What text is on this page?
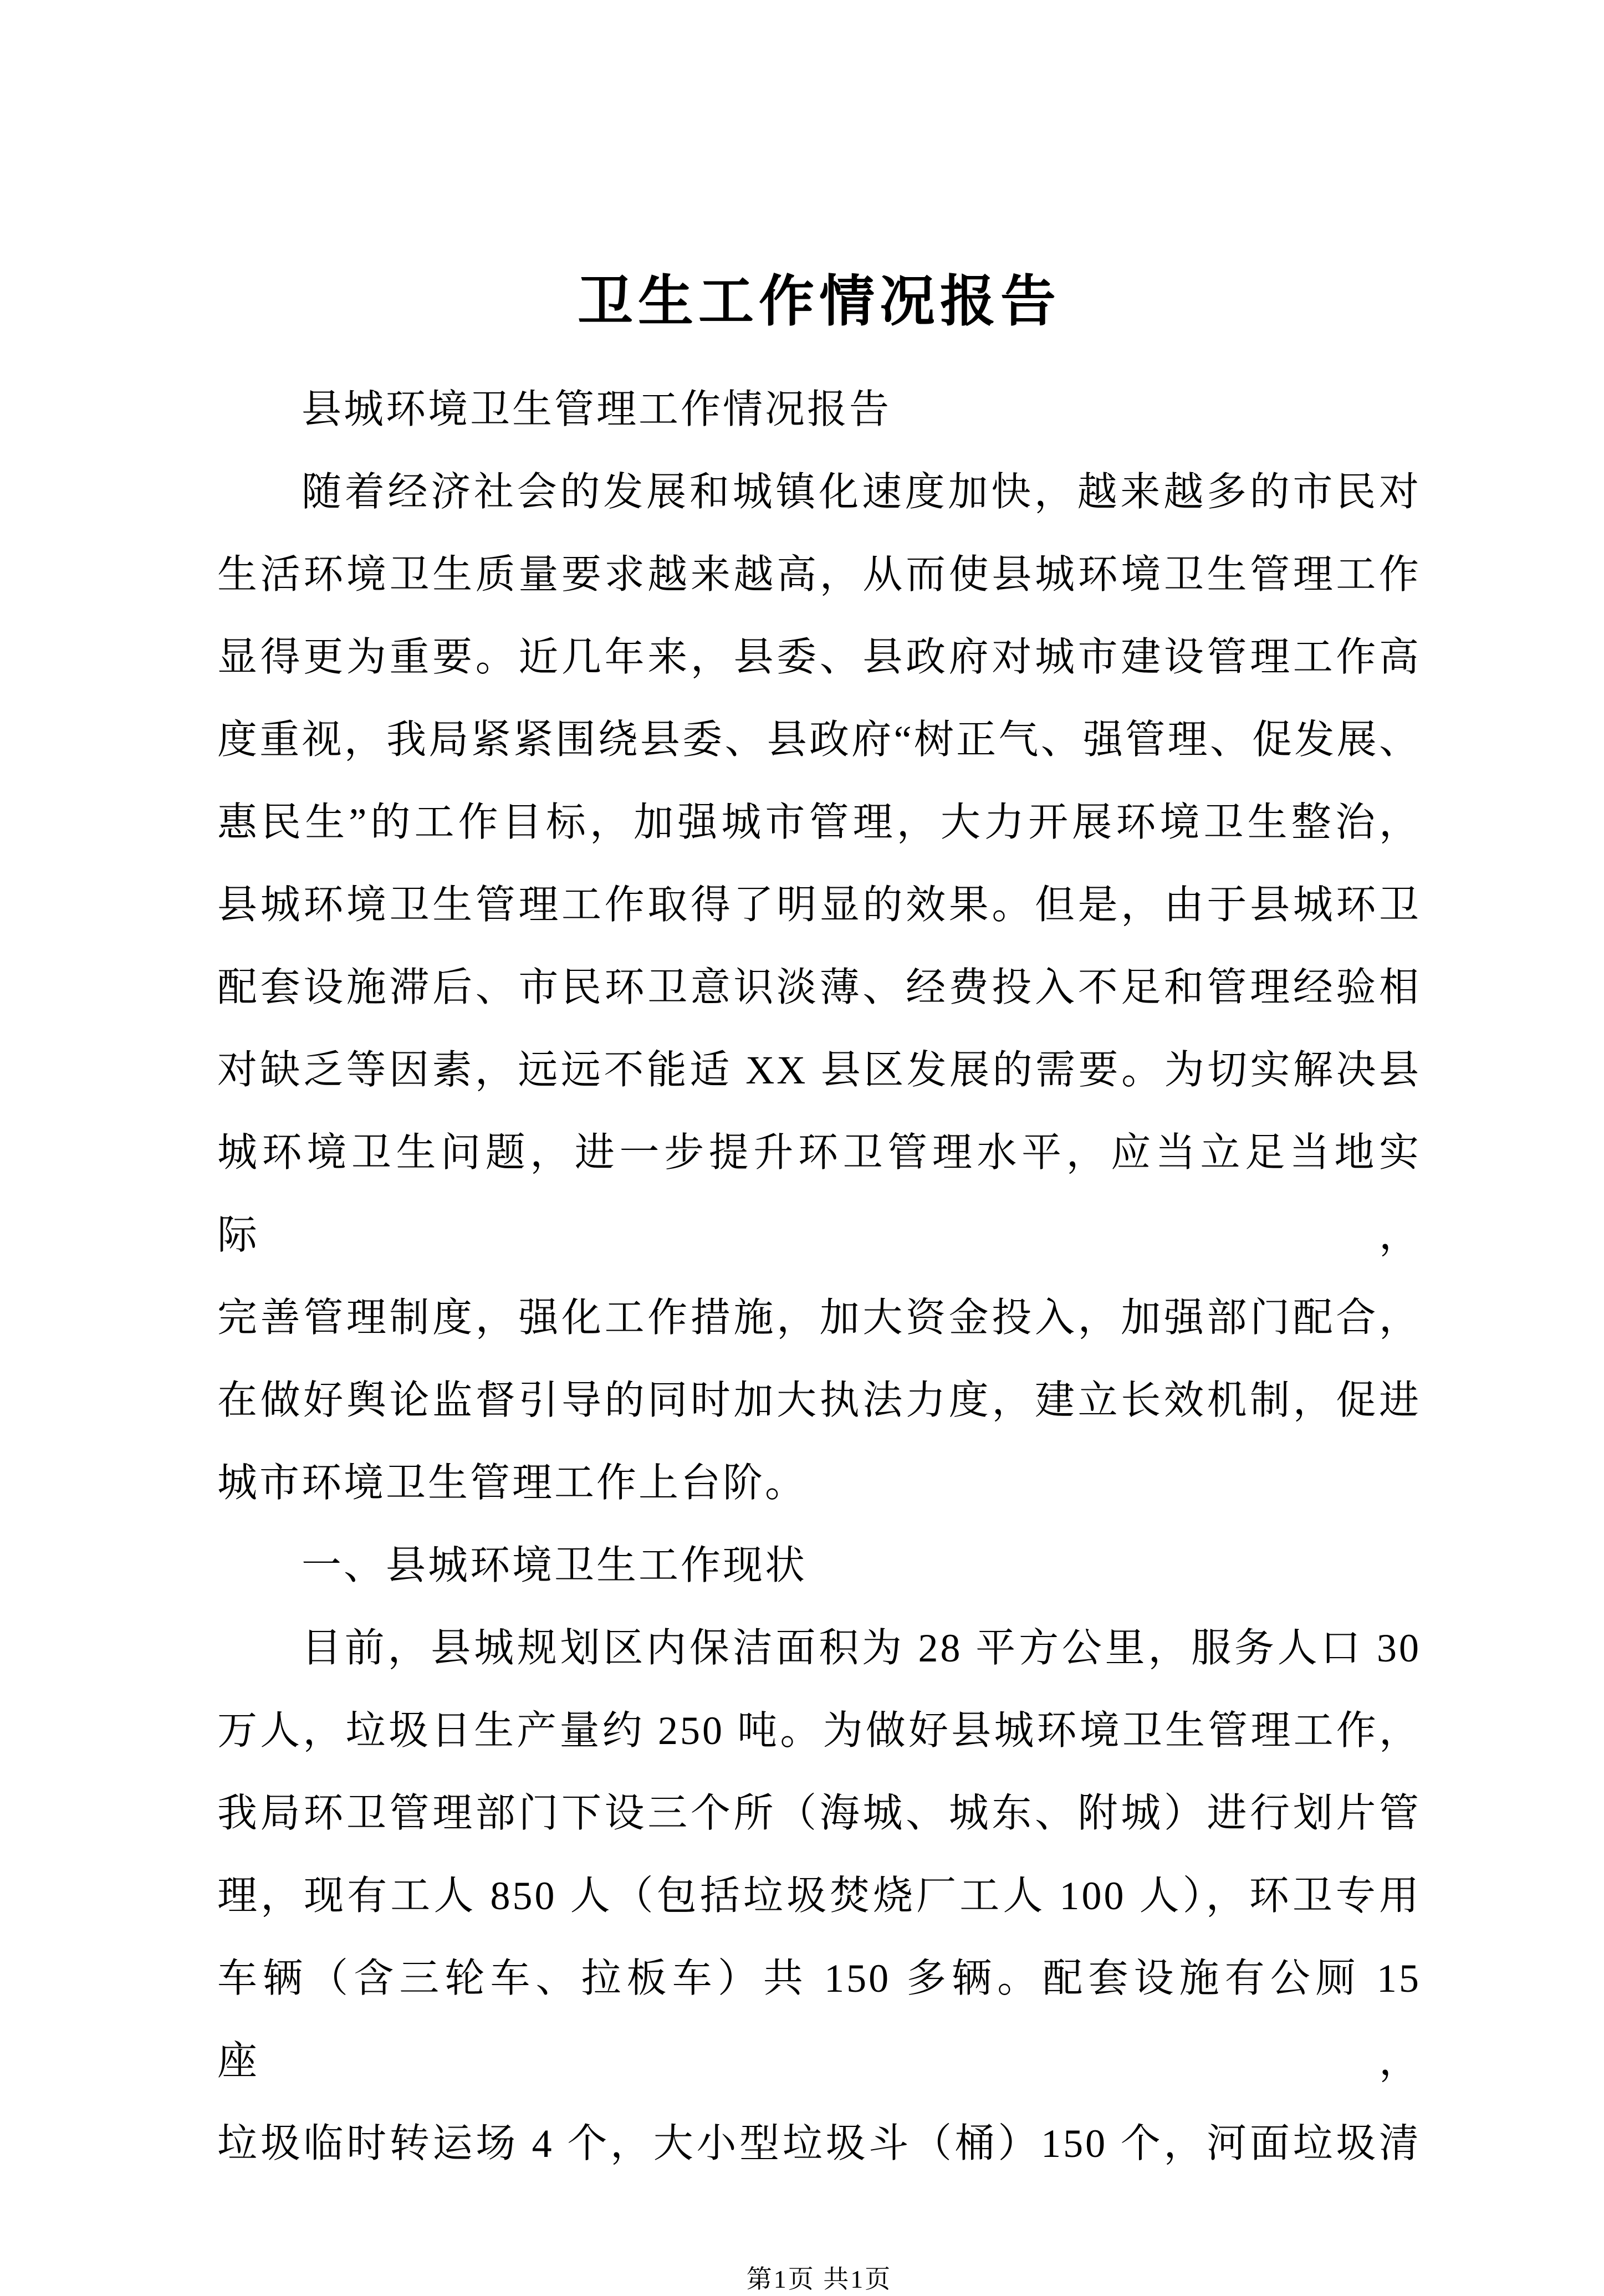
卫生工作情况报告
县城环境卫生管理工作情况报告
随着经济社会的发展和城镇化速度加快，越来越多的市民对
生活环境卫生质量要求越来越高，从而使县城环境卫生管理工作
显得更为重要。近几年来，县委、县政府对城市建设管理工作高
度重视，我局紧紧围绕县委、县政府“树正气、强管理、促发展、
惠民生”的工作目标，加强城市管理，大力开展环境卫生整治，
县城环境卫生管理工作取得了明显的效果。但是，由于县城环卫
配套设施滞后、市民环卫意识淡薄、经费投入不足和管理经验相
对缺乏等因素，远远不能适 XX 县区发展的需要。为切实解决县
城环境卫生问题，进一步提升环卫管理水平，应当立足当地实际，
完善管理制度，强化工作措施，加大资金投入，加强部门配合，
在做好舆论监督引导的同时加大执法力度，建立长效机制，促进
城市环境卫生管理工作上台阶。
一、县城环境卫生工作现状
目前，县城规划区内保洁面积为 28 平方公里，服务人口 30
万人，垃圾日生产量约 250 吨。为做好县城环境卫生管理工作，
我局环卫管理部门下设三个所（海城、城东、附城）进行划片管
理，现有工人 850 人（包括垃圾焚烧厂工人 100 人），环卫专用
车辆（含三轮车、拉板车）共 150 多辆。配套设施有公厕 15 座，
垃圾临时转运场 4 个，大小型垃圾斗（桶）150 个，河面垃圾清
第1页 共1页
